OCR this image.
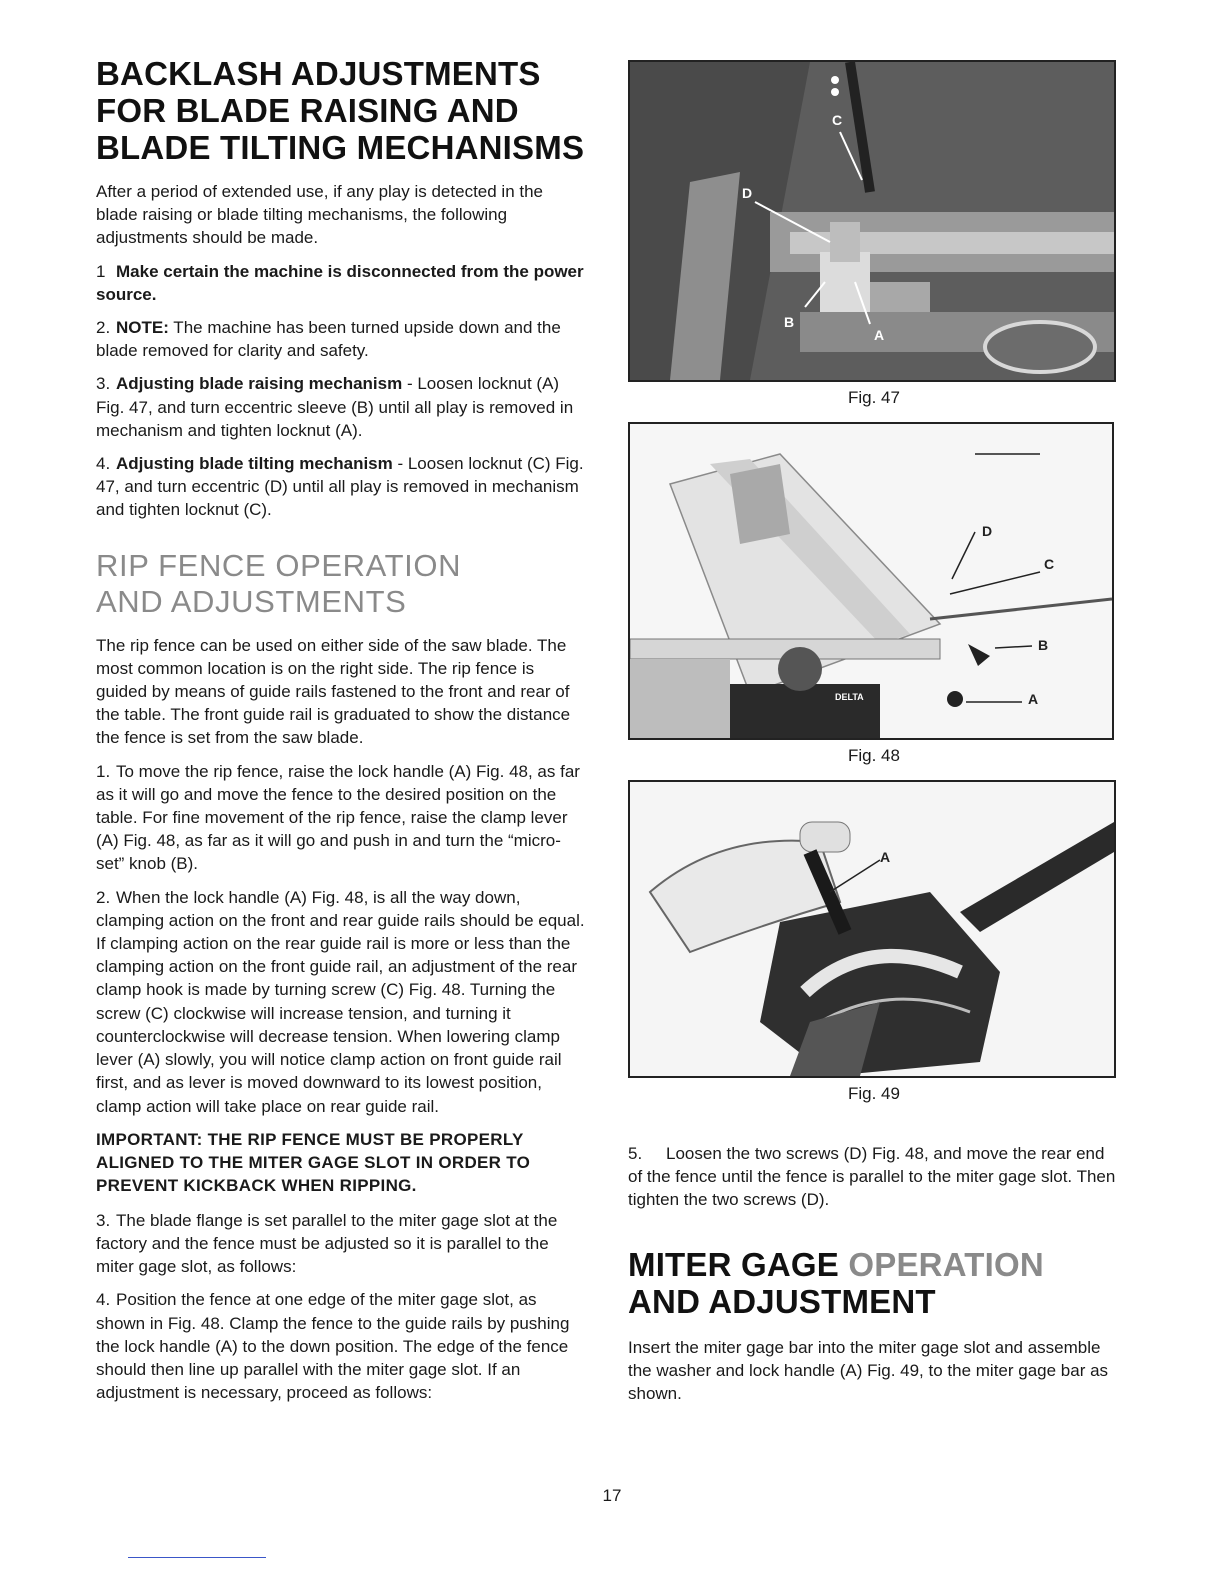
BACKLASH ADJUSTMENTS
FOR BLADE RAISING AND
BLADE TILTING MECHANISMS

After a period of extended use, if any play is detected in the blade raising or blade tilting mechanisms, the following adjustments should be made.

1 Make certain the machine is disconnected from the power source.

2. NOTE: The machine has been turned upside down and the blade removed for clarity and safety.

3. Adjusting blade raising mechanism - Loosen locknut (A) Fig. 47, and turn eccentric sleeve (B) until all play is removed in mechanism and tighten locknut (A).

4. Adjusting blade tilting mechanism - Loosen locknut (C) Fig. 47, and turn eccentric (D) until all play is removed in mechanism and tighten locknut (C).

RIP FENCE OPERATION
AND ADJUSTMENTS

The rip fence can be used on either side of the saw blade. The most common location is on the right side. The rip fence is guided by means of guide rails fastened to the front and rear of the table. The front guide rail is graduated to show the distance the fence is set from the saw blade.

1. To move the rip fence, raise the lock handle (A) Fig. 48, as far as it will go and move the fence to the desired position on the table. For fine movement of the rip fence, raise the clamp lever (A) Fig. 48, as far as it will go and push in and turn the “micro-set” knob (B).

2. When the lock handle (A) Fig. 48, is all the way down, clamping action on the front and rear guide rails should be equal. If clamping action on the rear guide rail is more or less than the clamping action on the front guide rail, an adjustment of the rear clamp hook is made by turning screw (C) Fig. 48. Turning the screw (C) clockwise will increase tension, and turning it counterclockwise will decrease tension. When lowering clamp lever (A) slowly, you will notice clamp action on front guide rail first, and as lever is moved downward to its lowest position, clamp action will take place on rear guide rail.

IMPORTANT: THE RIP FENCE MUST BE PROPERLY ALIGNED TO THE MITER GAGE SLOT IN ORDER TO PREVENT KICKBACK WHEN RIPPING.

3. The blade flange is set parallel to the miter gage slot at the factory and the fence must be adjusted so it is parallel to the miter gage slot, as follows:

4. Position the fence at one edge of the miter gage slot, as shown in Fig. 48. Clamp the fence to the guide rails by pushing the lock handle (A) to the down position. The edge of the fence should then line up parallel with the miter gage slot. If an adjustment is necessary, proceed as follows:

C
D
B
A
Fig. 47
DELTA
D
C
B
A
Fig. 48
A
Fig. 49

5. Loosen the two screws (D) Fig. 48, and move the rear end of the fence until the fence is parallel to the miter gage slot. Then tighten the two screws (D).

MITER GAGE OPERATION
AND ADJUSTMENT

Insert the miter gage bar into the miter gage slot and assemble the washer and lock handle (A) Fig. 49, to the miter gage bar as shown.

17
